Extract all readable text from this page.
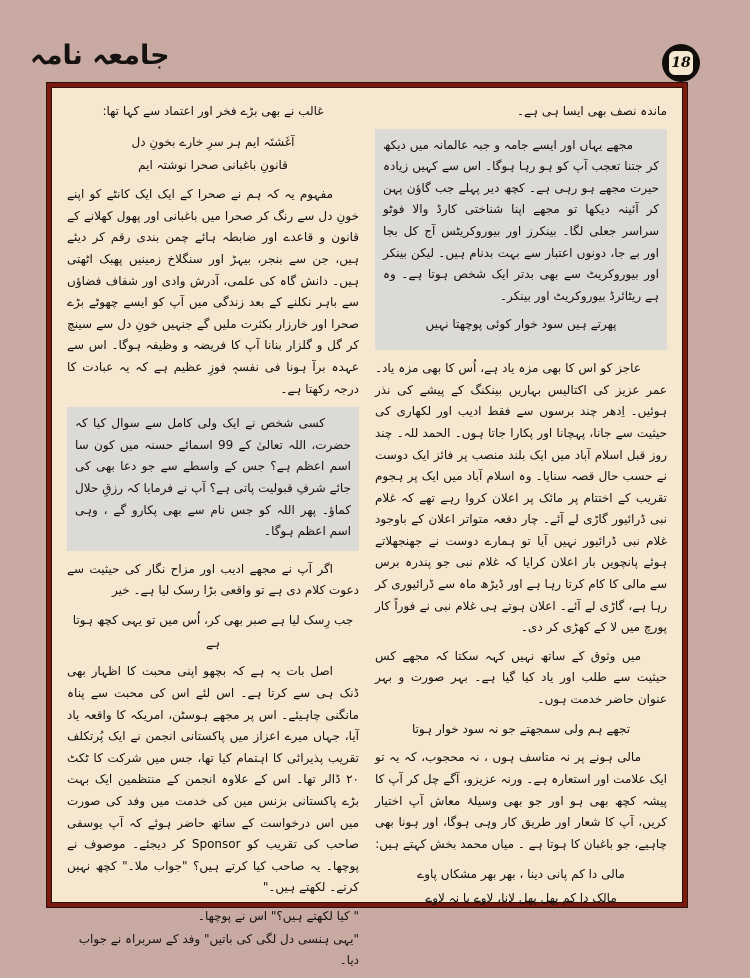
جامعہ نامہ	18

ماندہ نصف بھی ایسا ہی ہے۔

مجھے یہاں اور ایسے جامہ و جبہ عالمانہ میں دیکھ کر جتنا تعجب آپ کو ہو رہا ہوگا۔ اس سے کہیں زیادہ حیرت مجھے ہو رہی ہے۔ کچھ دیر پہلے جب گاؤن پہن کر آئینہ دیکھا تو مجھے اپنا شناختی کارڈ والا فوٹو سراسر جعلی لگا۔ بینکرز اور بیوروکریٹس آج کل بجا اور بے جا، دونوں اعتبار سے بہت بدنام ہیں۔ لیکن بینکر اور بیوروکریٹ سے بھی بدتر ایک شخص ہوتا ہے۔ وہ ہے ریٹائرڈ بیوروکریٹ اور بینکر۔

پھرتے ہیں سود خوار کوئی پوچھتا نہیں

عاجز کو اس کا بھی مزہ یاد ہے، اُس کا بھی مزہ یاد۔ عمر عزیز کی اکتالیس بہاریں بینکنگ کے پیشے کی نذر ہوئیں۔ اِدھر چند برسوں سے فقط ادیب اور لکھاری کی حیثیت سے جانا، پہچانا اور پکارا جاتا ہوں۔ الحمد للہ۔ چند روز قبل اسلام آباد میں ایک بلند منصب پر فائز ایک دوست نے حسب حال قصہ سنایا۔ وہ اسلام آباد میں ایک پر ہجوم تقریب کے اختتام پر مائک پر اعلان کروا رہے تھے کہ غلام نبی ڈرائیور گاڑی لے آئے۔ چار دفعہ متواتر اعلان کے باوجود غلام نبی ڈرائیور نہیں آیا تو ہمارے دوست نے جھنجھلاتے ہوئے پانچویں بار اعلان کرایا کہ غلام نبی جو پندرہ برس سے مالی کا کام کرتا رہا ہے اور ڈیڑھ ماہ سے ڈرائیوری کر رہا ہے، گاڑی لے آئے۔ اعلان ہوتے ہی غلام نبی نے فوراً کار پورچ میں لا کے کھڑی کر دی۔

میں وثوق کے ساتھ نہیں کہہ سکتا کہ مجھے کس حیثیت سے طلب اور یاد کیا گیا ہے۔ بہر صورت و بہر عنوان حاضر خدمت ہوں۔

تجھے ہم ولی سمجھتے جو نہ سود خوار ہوتا

مالی ہونے پر نہ متاسف ہوں ، نہ محجوب، کہ یہ تو ایک علامت اور استعارہ ہے۔ ورنہ عزیزو، آگے چل کر آپ کا پیشہ کچھ بھی ہو اور جو بھی وسیلۂ معاش آپ اختیار کریں، آپ کا شعار اور طریق کار وہی ہوگا، اور ہونا بھی چاہیے، جو باغبان کا ہوتا ہے ۔ میاں محمد بخش کہتے ہیں:

مالی دا کم پانی دینا ، بھر بھر مشکاں پاوے

مالک دا کم پھل پھل لانا، لاوے یا نہ لاوے

غالب نے بھی بڑے فخر اور اعتماد سے کہا تھا:

آغَشتَہ ایم ہر سرِ خارے بخونِ دل

قانونِ باغبانی صحرا نوشتہ ایم

مفہوم یہ کہ ہم نے صحرا کے ایک ایک کانٹے کو اپنے خونِ دل سے رنگ کر صحرا میں باغبانی اور پھول کھلانے کے قانون و قاعدے اور ضابطہ ہائے چمن بندی رقم کر دیئے ہیں، جن سے بنجر، بیہڑ اور سنگلاخ زمینیں پھبک اٹھتی ہیں۔ دانش گاہ کی علمی، آدرش وادی اور شفاف فضاؤں سے باہر نکلنے کے بعد زندگی میں آپ کو ایسے چھوٹے بڑے صحرا اور خارزار بکثرت ملیں گے جنہیں خونِ دل سے سینچ کر گل و گلزار بنانا آپ کا فریضہ و وظیفہ ہوگا۔ اس سے عہدہ برآ ہونا فی نفسہٖ فوزِ عظیم ہے کہ یہ عبادت کا درجہ رکھتا ہے۔

کسی شخص نے ایک ولی کامل سے سوال کیا کہ حضرت، اللہ تعالیٰ کے 99 اسمائے حسنہ میں کون سا اسم اعظم ہے؟ جس کے واسطے سے جو دعا بھی کی جائے شرفِ قبولیت پاتی ہے؟ آپ نے فرمایا کہ رزقِ حلال کماؤ۔ پھر اللہ کو جس نام سے بھی پکارو گے ، وہی اسم اعظم ہوگا۔

اگر آپ نے مجھے ادیب اور مزاح نگار کی حیثیت سے دعوت کلام دی ہے تو واقعی بڑا رسک لیا ہے۔ خیر

جب رِسک لیا ہے صبر بھی کر، اُس میں تو یہی کچھ ہوتا ہے

اصل بات یہ ہے کہ بچھو اپنی محبت کا اظہار بھی ڈنک ہی سے کرتا ہے۔ اس لئے اس کی محبت سے پناہ مانگنی چاہیئے۔ اس پر مجھے ہوسٹن، امریکہ کا واقعہ یاد آیا، جہاں میرے اعزاز میں پاکستانی انجمن نے ایک پُرتکلف تقریب پذیرائی کا اہتمام کیا تھا، جس میں شرکت کا ٹکٹ ۲۰ ڈالر تھا۔ اس کے علاوہ انجمن کے منتظمین ایک بہت بڑے پاکستانی بزنس مین کی خدمت میں وفد کی صورت میں اس درخواست کے ساتھ حاضر ہوئے کہ آپ یوسفی صاحب کی تقریب کو Sponsor کر دیجئے۔ موصوف نے پوچھا۔ یہ صاحب کیا کرتے ہیں؟ "جواب ملا۔" کچھ نہیں کرتے۔ لکھتے ہیں۔"

" کیا لکھتے ہیں؟" اس نے پوچھا۔

"یہی ہنسی دل لگی کی باتیں" وفد کے سربراہ نے جواب دیا۔
